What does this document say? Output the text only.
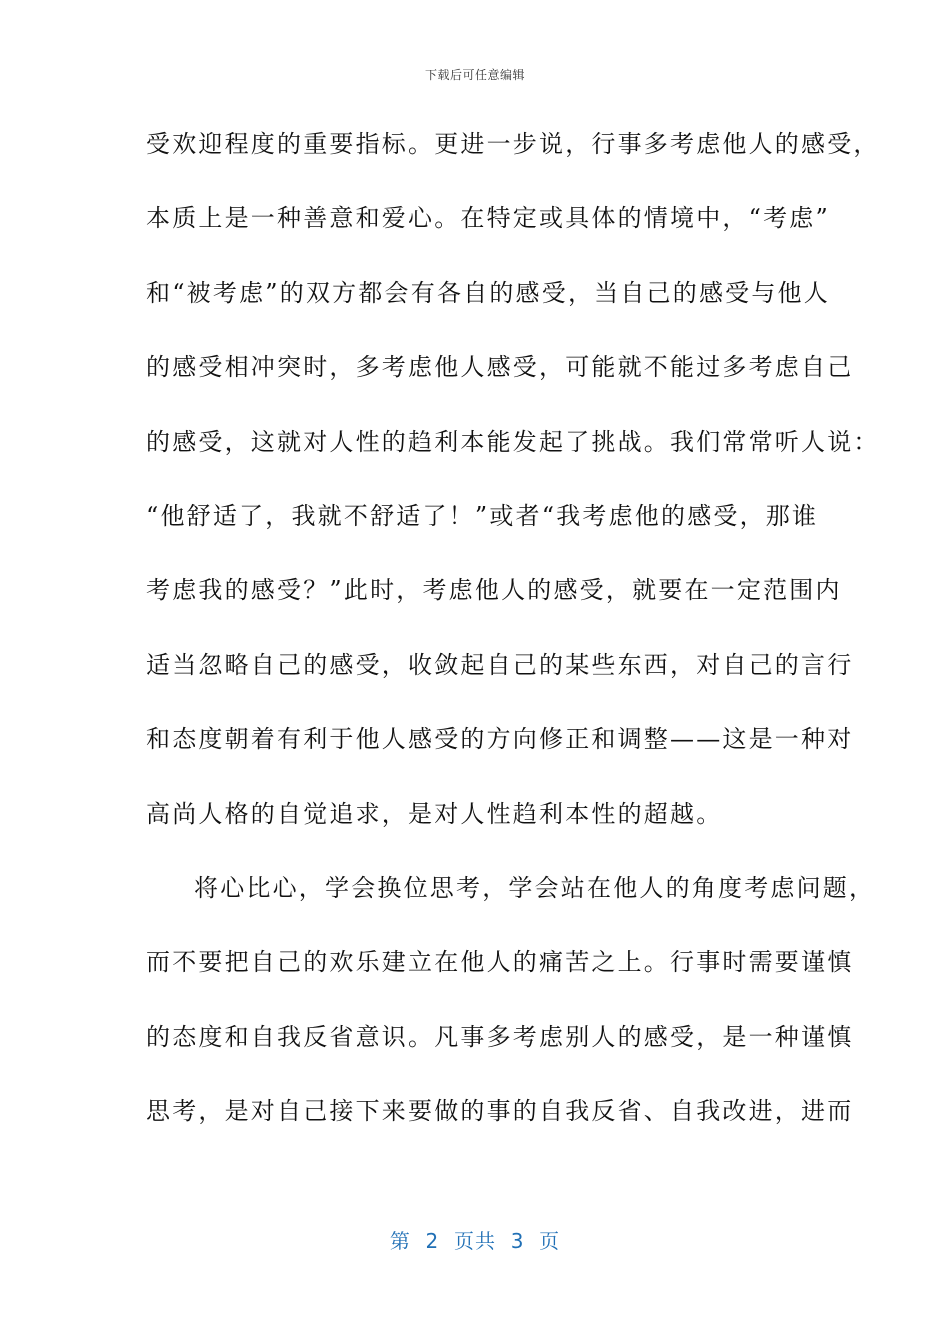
下载后可任意编辑
受欢迎程度的重要指标。更进一步说，行事多考虑他人的感受，
本质上是一种善意和爱心。在特定或具体的情境中，“考虑”
和“被考虑”的双方都会有各自的感受，当自己的感受与他人
的感受相冲突时，多考虑他人感受，可能就不能过多考虑自己
的感受，这就对人性的趋利本能发起了挑战。我们常常听人说：
“他舒适了，我就不舒适了！”或者“我考虑他的感受，那谁
考虑我的感受？”此时，考虑他人的感受，就要在一定范围内
适当忽略自己的感受，收敛起自己的某些东西，对自己的言行
和态度朝着有利于他人感受的方向修正和调整——这是一种对
高尚人格的自觉追求，是对人性趋利本性的超越。
将心比心，学会换位思考，学会站在他人的角度考虑问题，
而不要把自己的欢乐建立在他人的痛苦之上。行事时需要谨慎
的态度和自我反省意识。凡事多考虑别人的感受，是一种谨慎
思考，是对自己接下来要做的事的自我反省、自我改进，进而
第  2  页共  3  页
